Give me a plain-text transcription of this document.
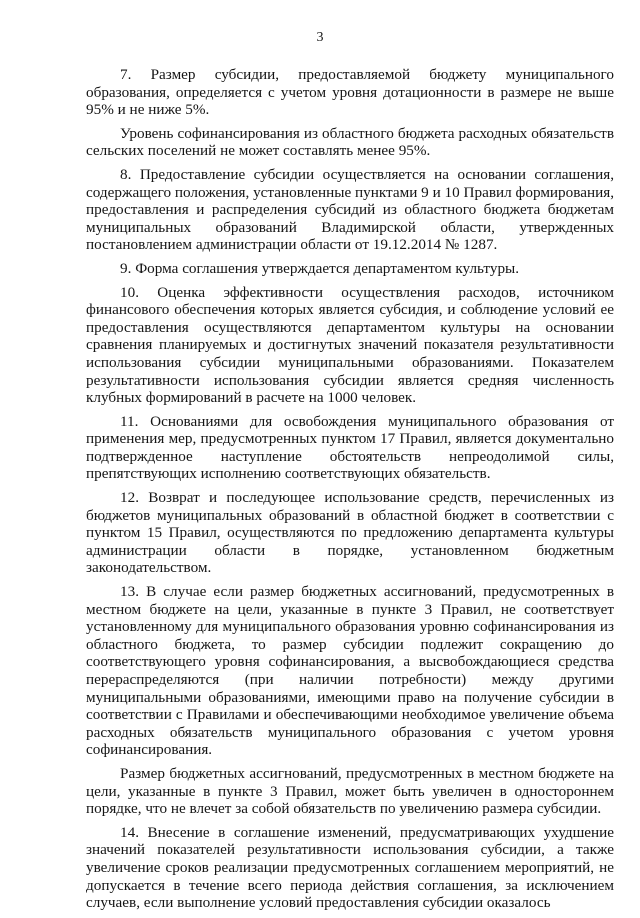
3

7. Размер субсидии, предоставляемой бюджету муниципального образования, определяется с учетом уровня дотационности в размере не выше 95% и не ниже 5%.

Уровень софинансирования из областного бюджета расходных обязательств сельских поселений не может составлять менее 95%.

8. Предоставление субсидии осуществляется на основании соглашения, содержащего положения, установленные пунктами 9 и 10 Правил формирования, предоставления и распределения субсидий из областного бюджета бюджетам муниципальных образований Владимирской области, утвержденных постановлением администрации области от 19.12.2014 № 1287.

9. Форма соглашения утверждается департаментом культуры.

10. Оценка эффективности осуществления расходов, источником финансового обеспечения которых является субсидия, и соблюдение условий ее предоставления осуществляются департаментом культуры на основании сравнения планируемых и достигнутых значений показателя результативности использования субсидии муниципальными образованиями. Показателем результативности использования субсидии является средняя численность клубных формирований в расчете на 1000 человек.

11. Основаниями для освобождения муниципального образования от применения мер, предусмотренных пунктом 17 Правил, является документально подтвержденное наступление обстоятельств непреодолимой силы, препятствующих исполнению соответствующих обязательств.

12. Возврат и последующее использование средств, перечисленных из бюджетов муниципальных образований в областной бюджет в соответствии с пунктом 15 Правил, осуществляются по предложению департамента культуры администрации области в порядке, установленном бюджетным законодательством.

13. В случае если размер бюджетных ассигнований, предусмотренных в местном бюджете на цели, указанные в пункте 3 Правил, не соответствует установленному для муниципального образования уровню софинансирования из областного бюджета, то размер субсидии подлежит сокращению до соответствующего уровня софинансирования, а высвобождающиеся средства перераспределяются (при наличии потребности) между другими муниципальными образованиями, имеющими право на получение субсидии в соответствии с Правилами и обеспечивающими необходимое увеличение объема расходных обязательств муниципального образования с учетом уровня софинансирования.

Размер бюджетных ассигнований, предусмотренных в местном бюджете на цели, указанные в пункте 3 Правил, может быть увеличен в одностороннем порядке, что не влечет за собой обязательств по увеличению размера субсидии.

14. Внесение в соглашение изменений, предусматривающих ухудшение значений показателей результативности использования субсидии, а также увеличение сроков реализации предусмотренных соглашением мероприятий, не допускается в течение всего периода действия соглашения, за исключением случаев, если выполнение условий предоставления субсидии оказалось
